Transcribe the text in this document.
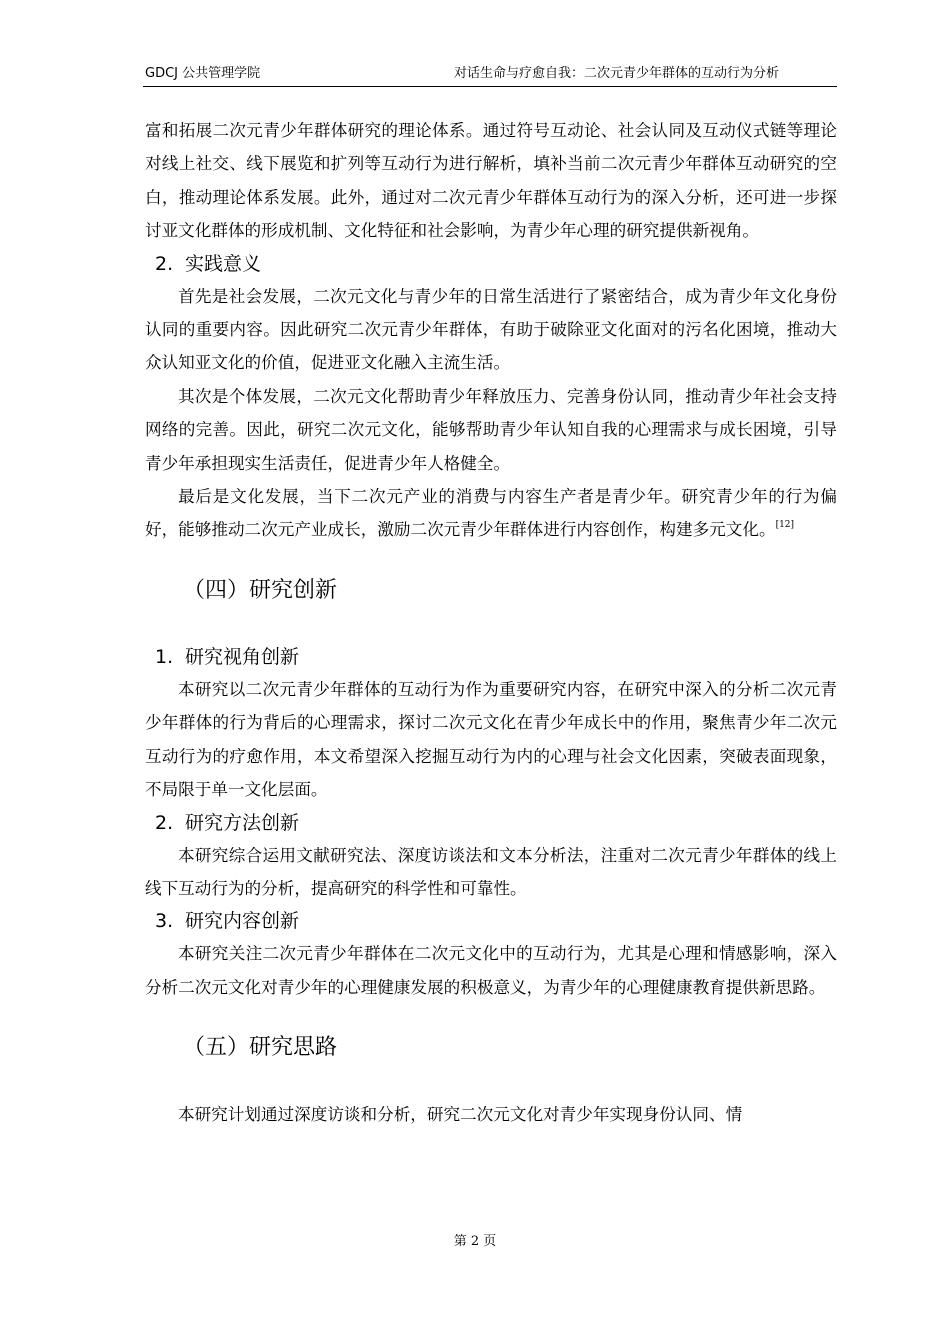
GDCJ 公共管理学院	对话生命与疗愈自我：二次元青少年群体的互动行为分析

富和拓展二次元青少年群体研究的理论体系。通过符号互动论、社会认同及互动仪式链等理论对线上社交、线下展览和扩列等互动行为进行解析，填补当前二次元青少年群体互动研究的空白，推动理论体系发展。此外，通过对二次元青少年群体互动行为的深入分析，还可进一步探讨亚文化群体的形成机制、文化特征和社会影响，为青少年心理的研究提供新视角。

2. 实践意义

首先是社会发展，二次元文化与青少年的日常生活进行了紧密结合，成为青少年文化身份认同的重要内容。因此研究二次元青少年群体，有助于破除亚文化面对的污名化困境，推动大众认知亚文化的价值，促进亚文化融入主流生活。

其次是个体发展，二次元文化帮助青少年释放压力、完善身份认同，推动青少年社会支持网络的完善。因此，研究二次元文化，能够帮助青少年认知自我的心理需求与成长困境，引导青少年承担现实生活责任，促进青少年人格健全。

最后是文化发展，当下二次元产业的消费与内容生产者是青少年。研究青少年的行为偏好，能够推动二次元产业成长，激励二次元青少年群体进行内容创作，构建多元文化。[12]

（四）研究创新
1. 研究视角创新

本研究以二次元青少年群体的互动行为作为重要研究内容，在研究中深入的分析二次元青少年群体的行为背后的心理需求，探讨二次元文化在青少年成长中的作用，聚焦青少年二次元互动行为的疗愈作用，本文希望深入挖掘互动行为内的心理与社会文化因素，突破表面现象，不局限于单一文化层面。

2. 研究方法创新

本研究综合运用文献研究法、深度访谈法和文本分析法，注重对二次元青少年群体的线上线下互动行为的分析，提高研究的科学性和可靠性。

3. 研究内容创新

本研究关注二次元青少年群体在二次元文化中的互动行为，尤其是心理和情感影响，深入分析二次元文化对青少年的心理健康发展的积极意义，为青少年的心理健康教育提供新思路。

（五）研究思路

本研究计划通过深度访谈和分析，研究二次元文化对青少年实现身份认同、情

第 2 页
